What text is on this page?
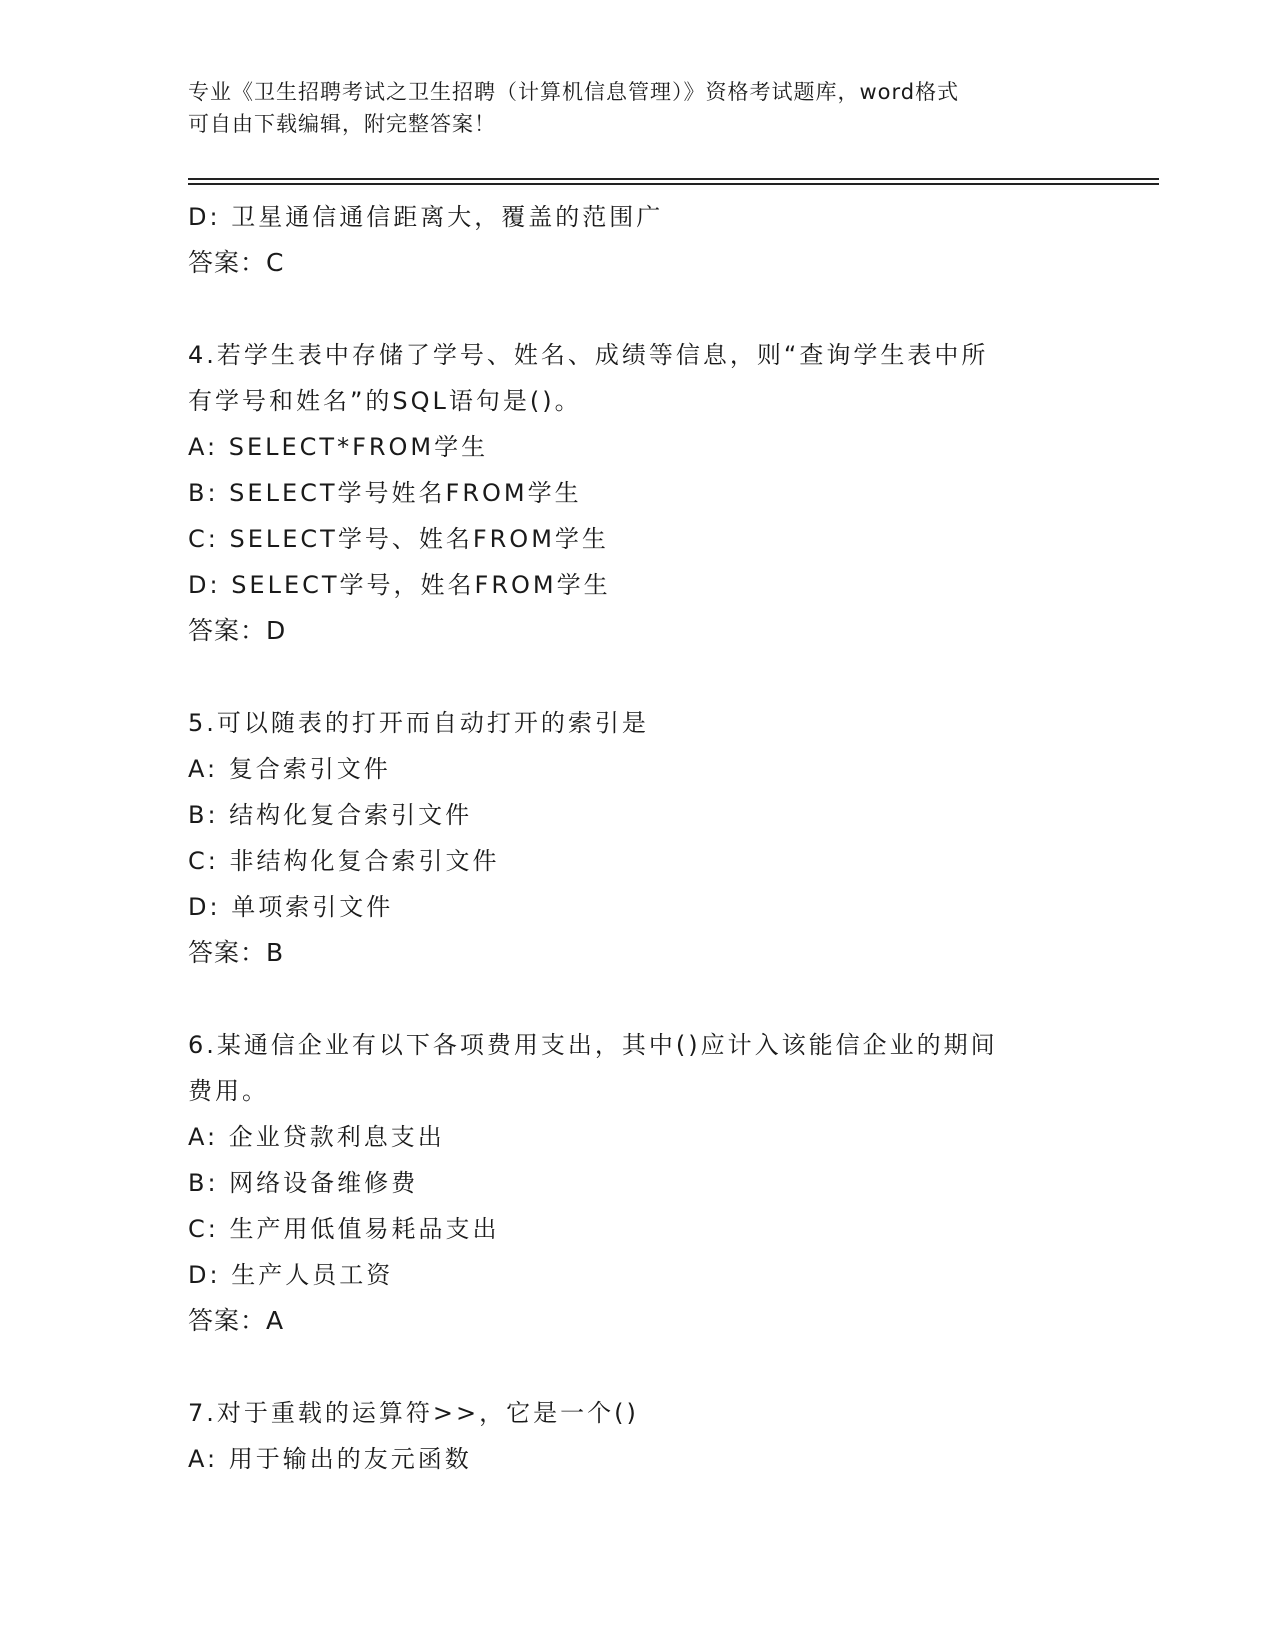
专业《卫生招聘考试之卫生招聘（计算机信息管理）》资格考试题库，word格式
可自由下载编辑，附完整答案！
D: 卫星通信通信距离大，覆盖的范围广
答案：C
4.若学生表中存储了学号、姓名、成绩等信息，则“查询学生表中所
有学号和姓名”的SQL语句是()。
A: SELECT*FROM学生
B: SELECT学号姓名FROM学生
C: SELECT学号、姓名FROM学生
D: SELECT学号，姓名FROM学生
答案：D
5.可以随表的打开而自动打开的索引是
A: 复合索引文件
B: 结构化复合索引文件
C: 非结构化复合索引文件
D: 单项索引文件
答案：B
6.某通信企业有以下各项费用支出，其中()应计入该能信企业的期间
费用。
A: 企业贷款利息支出
B: 网络设备维修费
C: 生产用低值易耗品支出
D: 生产人员工资
答案：A
7.对于重载的运算符>>，它是一个()
A: 用于输出的友元函数
